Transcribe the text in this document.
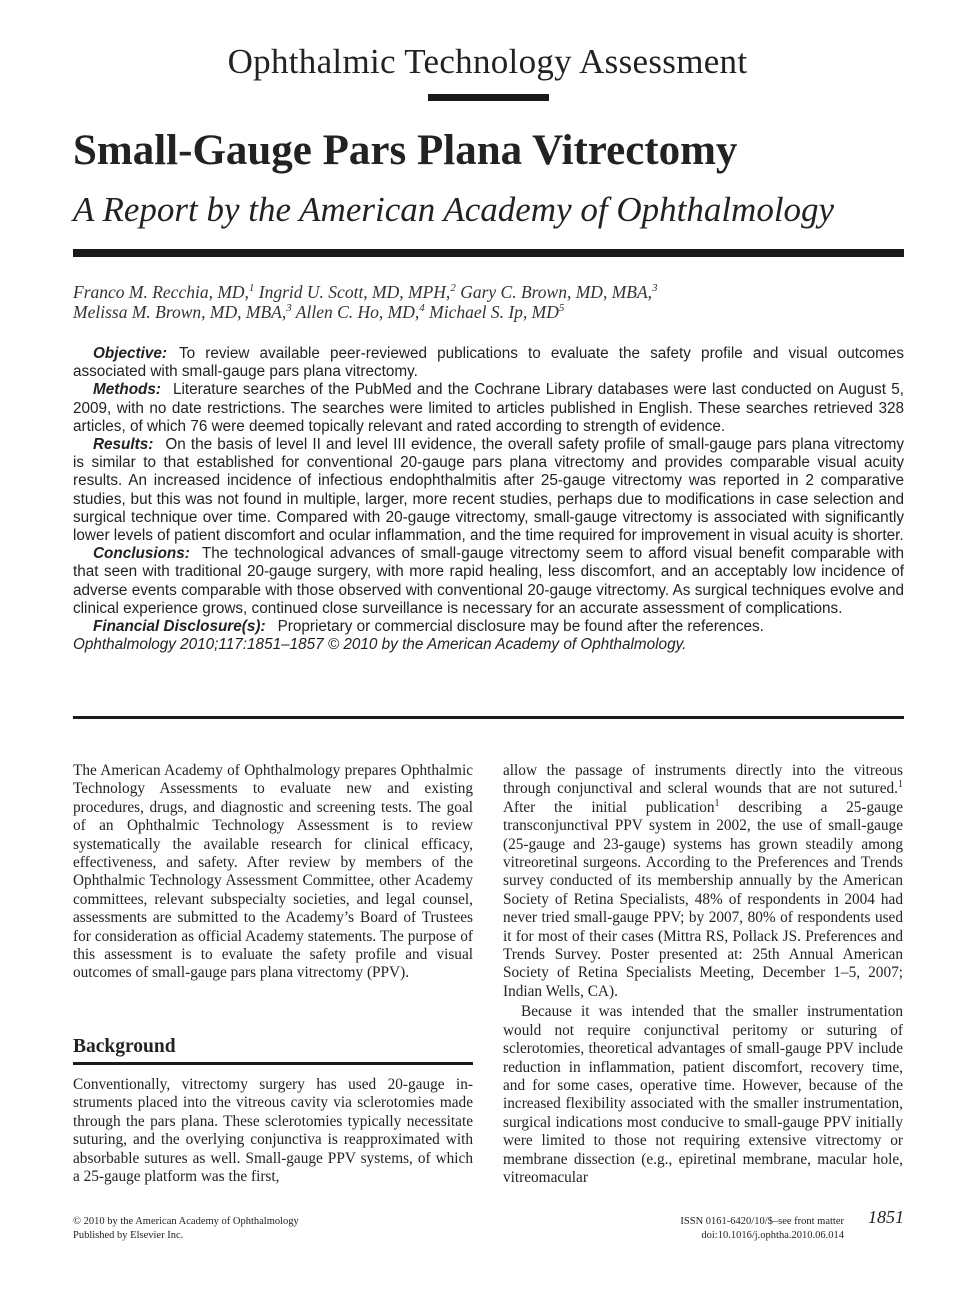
Ophthalmic Technology Assessment
Small-Gauge Pars Plana Vitrectomy
A Report by the American Academy of Ophthalmology
Franco M. Recchia, MD,$^1$ Ingrid U. Scott, MD, MPH,$^2$ Gary C. Brown, MD, MBA,$^3$
Melissa M. Brown, MD, MBA,$^3$ Allen C. Ho, MD,$^4$ Michael S. Ip, $MD^5$

Objective: To review available peer-reviewed publications to evaluate the safety profile and visual outcomes associated with small-gauge pars plana vitrectomy.

Methods: Literature searches of the PubMed and the Cochrane Library databases were last conducted on August 5, 2009, with no date restrictions. The searches were limited to articles published in English. These searches retrieved 328 articles, of which 76 were deemed topically relevant and rated according to strength of evidence.

Results: On the basis of level II and level III evidence, the overall safety profile of small-gauge pars plana vitrectomy is similar to that established for conventional 20-gauge pars plana vitrectomy and provides comparable visual acuity results. An increased incidence of infectious endophthalmitis after 25-gauge vitrectomy was reported in 2 comparative studies, but this was not found in multiple, larger, more recent studies, perhaps due to modifications in case selection and surgical technique over time. Compared with 20-gauge vitrectomy, small-gauge vitrectomy is associated with significantly lower levels of patient discomfort and ocular inflammation, and the time required for improvement in visual acuity is shorter.

Conclusions: The technological advances of small-gauge vitrectomy seem to afford visual benefit comparable with that seen with traditional 20-gauge surgery, with more rapid healing, less discomfort, and an acceptably low incidence of adverse events comparable with those observed with conventional 20-gauge vitrectomy. As surgical techniques evolve and clinical experience grows, continued close surveillance is necessary for an accurate assessment of complications.

Financial Disclosure(s): Proprietary or commercial disclosure may be found after the references.

Ophthalmology 2010;117:1851–1857 © 2010 by the American Academy of Ophthalmology.

The American Academy of Ophthalmology prepares Ophthalmic Technology Assessments to evaluate new and existing procedures, drugs, and diagnostic and screening tests. The goal of an Ophthalmic Technology Assessment is to review systematically the available research for clinical efficacy, effectiveness, and safety. After review by members of the Ophthalmic Technology Assessment Committee, other Academy committees, relevant subspecialty societies, and legal counsel, assessments are submitted to the Academy’s Board of Trustees for consideration as official Academy statements. The purpose of this assessment is to evaluate the safety profile and visual outcomes of small-gauge pars plana vitrectomy (PPV).

Background

Conventionally, vitrectomy surgery has used 20-gauge instruments placed into the vitreous cavity via sclerotomies made through the pars plana. These sclerotomies typically necessitate suturing, and the overlying conjunctiva is reapproximated with absorbable sutures as well. Small-gauge PPV systems, of which a 25-gauge platform was the first,

allow the passage of instruments directly into the vitreous through conjunctival and scleral wounds that are not sutured.$^1$ After the initial publication$^1$ describing a 25-gauge transconjunctival PPV system in 2002, the use of small-gauge (25-gauge and 23-gauge) systems has grown steadily among vitreoretinal surgeons. According to the Preferences and Trends survey conducted of its membership annually by the American Society of Retina Specialists, 48% of respondents in 2004 had never tried small-gauge PPV; by 2007, 80% of respondents used it for most of their cases (Mittra RS, Pollack JS. Preferences and Trends Survey. Poster presented at: 25th Annual American Society of Retina Specialists Meeting, December 1–5, 2007; Indian Wells, CA).

Because it was intended that the smaller instrumentation would not require conjunctival peritomy or suturing of sclerotomies, theoretical advantages of small-gauge PPV include reduction in inflammation, patient discomfort, recovery time, and for some cases, operative time. However, because of the increased flexibility associated with the smaller instrumentation, surgical indications most conducive to small-gauge PPV initially were limited to those not requiring extensive vitrectomy or membrane dissection (e.g., epiretinal membrane, macular hole, vitreomacular

© 2010 by the American Academy of Ophthalmology
Published by Elsevier Inc.
ISSN 0161-6420/10/$–see front matter
doi:10.1016/j.ophtha.2010.06.014
1851
